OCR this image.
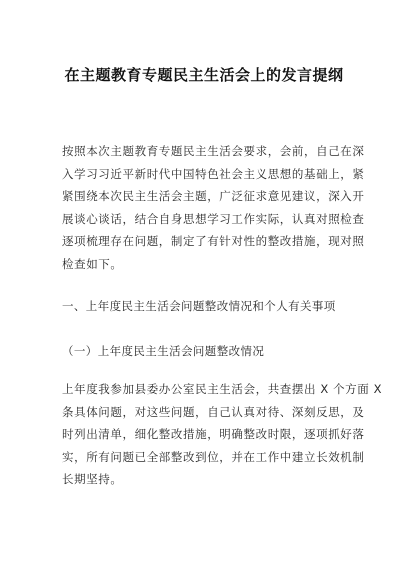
在主题教育专题民主生活会上的发言提纲
按照本次主题教育专题民主生活会要求，会前，自己在深
入学习习近平新时代中国特色社会主义思想的基础上，紧
紧围绕本次民主生活会主题，广泛征求意见建议，深入开
展谈心谈话，结合自身思想学习工作实际，认真对照检查
逐项梳理存在问题，制定了有针对性的整改措施，现对照
检查如下。
一、上年度民主生活会问题整改情况和个人有关事项
（一）上年度民主生活会问题整改情况
上年度我参加县委办公室民主生活会，共查摆出 X 个方面 X
条具体问题，对这些问题，自己认真对待、深刻反思，及
时列出清单，细化整改措施，明确整改时限，逐项抓好落
实，所有问题已全部整改到位，并在工作中建立长效机制
长期坚持。
